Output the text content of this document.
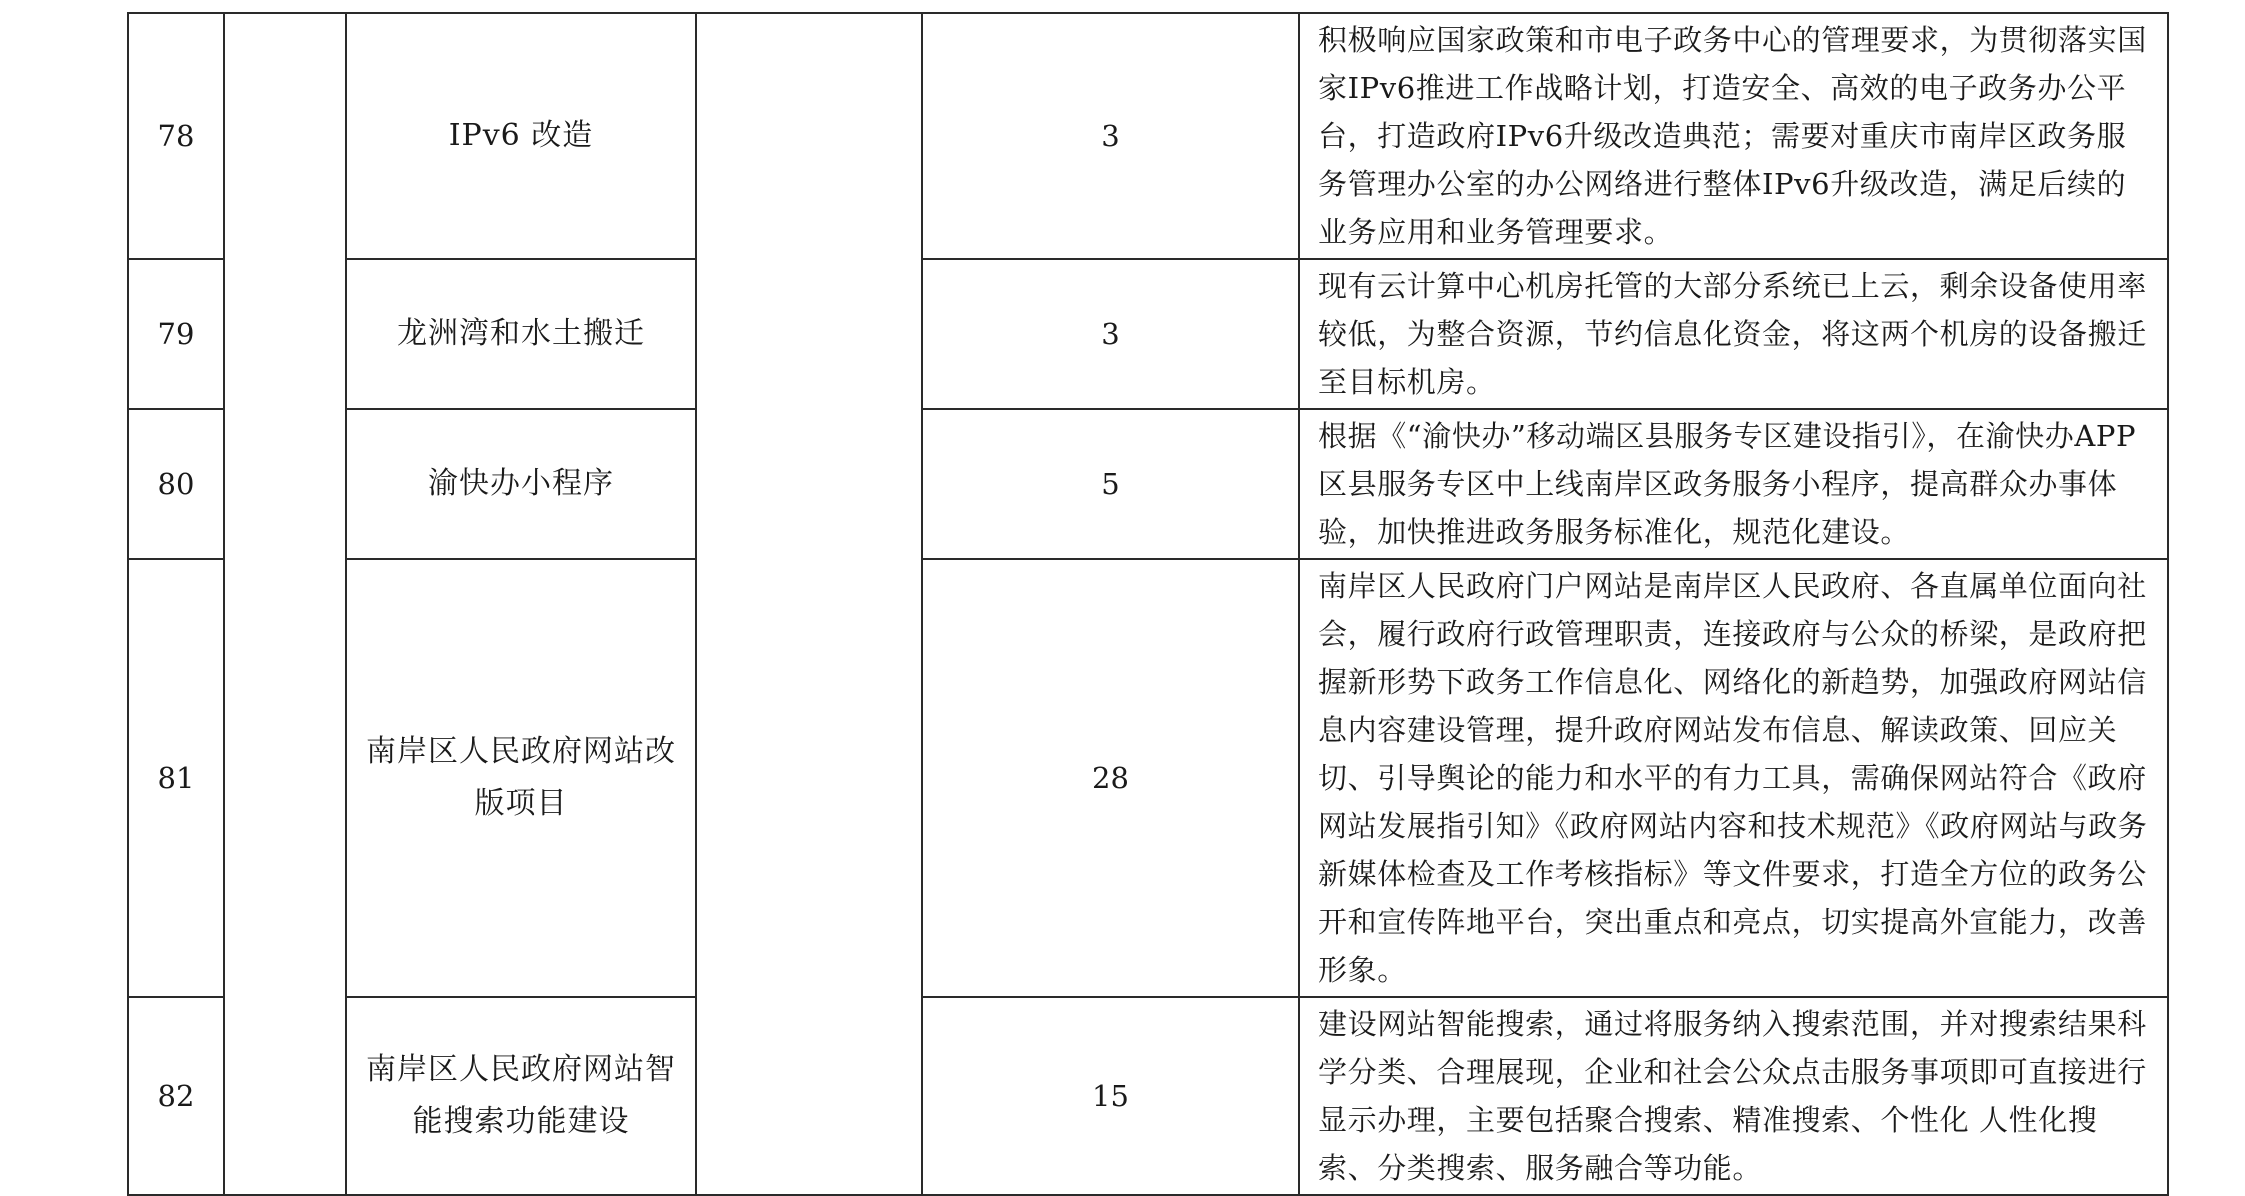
78		IPv6 改造		3	积极响应国家政策和市电子政务中心的管理要求，为贯彻落实国家IPv6推进工作战略计划，打造安全、高效的电子政务办公平台，打造政府IPv6升级改造典范；需要对重庆市南岸区政务服务管理办公室的办公网络进行整体IPv6升级改造，满足后续的业务应用和业务管理要求。
79		龙洲湾和水土搬迁		3	现有云计算中心机房托管的大部分系统已上云，剩余设备使用率较低，为整合资源，节约信息化资金，将这两个机房的设备搬迁至目标机房。
80		渝快办小程序		5	根据《“渝快办”移动端区县服务专区建设指引》，在渝快办APP区县服务专区中上线南岸区政务服务小程序，提高群众办事体验，加快推进政务服务标准化，规范化建设。
81		南岸区人民政府网站改版项目		28	南岸区人民政府门户网站是南岸区人民政府、各直属单位面向社会，履行政府行政管理职责，连接政府与公众的桥梁，是政府把握新形势下政务工作信息化、网络化的新趋势，加强政府网站信息内容建设管理，提升政府网站发布信息、解读政策、回应关切、引导舆论的能力和水平的有力工具，需确保网站符合《政府网站发展指引知》《政府网站内容和技术规范》《政府网站与政务新媒体检查及工作考核指标》等文件要求，打造全方位的政务公开和宣传阵地平台，突出重点和亮点，切实提高外宣能力，改善形象。
82		南岸区人民政府网站智能搜索功能建设		15	建设网站智能搜索，通过将服务纳入搜索范围，并对搜索结果科学分类、合理展现，企业和社会公众点击服务事项即可直接进行显示办理，主要包括聚合搜索、精准搜索、个性化 人性化搜索、分类搜索、服务融合等功能。
